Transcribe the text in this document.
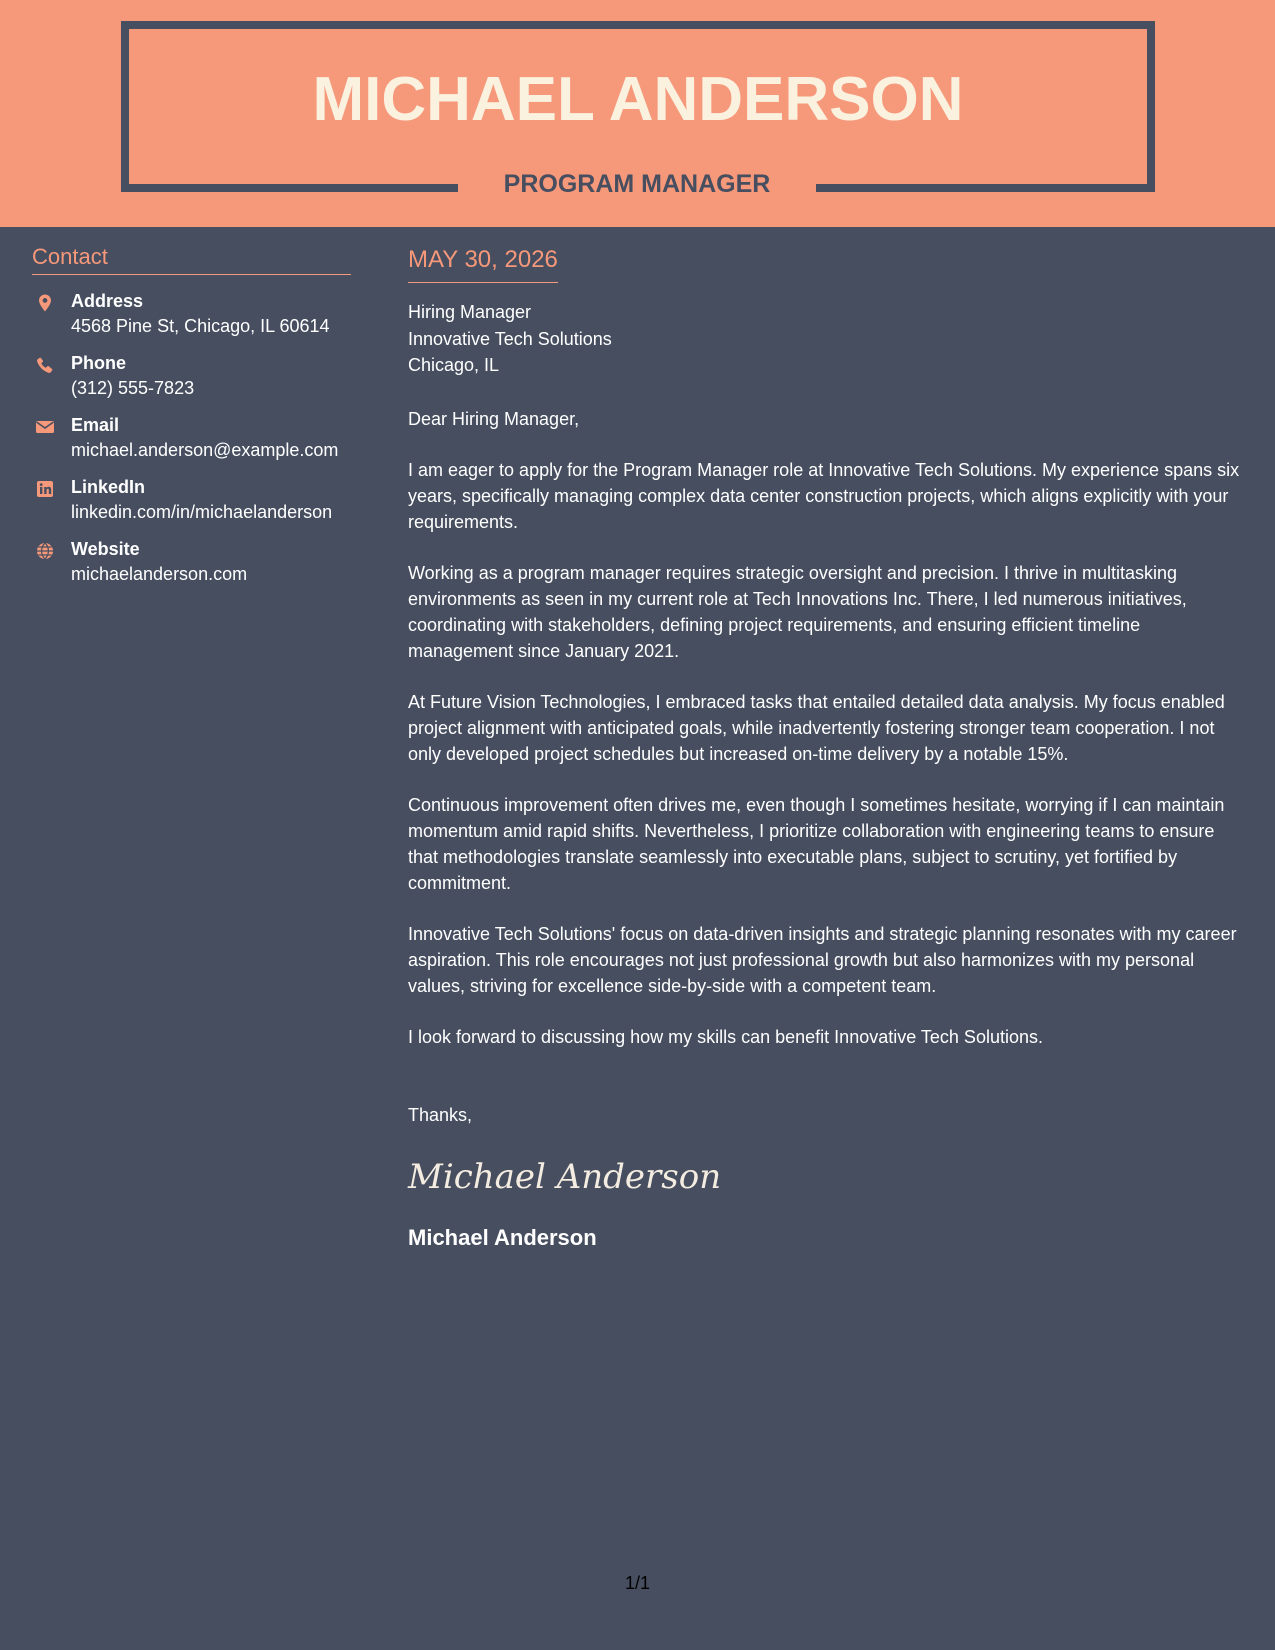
MICHAEL ANDERSON
PROGRAM MANAGER
Contact
Address
4568 Pine St, Chicago, IL 60614
Phone
(312) 555-7823
Email
michael.anderson@example.com
LinkedIn
linkedin.com/in/michaelanderson
Website
michaelanderson.com
MAY 30, 2026
Hiring Manager
Innovative Tech Solutions
Chicago, IL
Dear Hiring Manager,
I am eager to apply for the Program Manager role at Innovative Tech Solutions. My experience spans six years, specifically managing complex data center construction projects, which aligns explicitly with your requirements.
Working as a program manager requires strategic oversight and precision. I thrive in multitasking environments as seen in my current role at Tech Innovations Inc. There, I led numerous initiatives, coordinating with stakeholders, defining project requirements, and ensuring efficient timeline management since January 2021.
At Future Vision Technologies, I embraced tasks that entailed detailed data analysis. My focus enabled project alignment with anticipated goals, while inadvertently fostering stronger team cooperation. I not only developed project schedules but increased on-time delivery by a notable 15%.
Continuous improvement often drives me, even though I sometimes hesitate, worrying if I can maintain momentum amid rapid shifts. Nevertheless, I prioritize collaboration with engineering teams to ensure that methodologies translate seamlessly into executable plans, subject to scrutiny, yet fortified by commitment.
Innovative Tech Solutions' focus on data-driven insights and strategic planning resonates with my career aspiration. This role encourages not just professional growth but also harmonizes with my personal values, striving for excellence side-by-side with a competent team.
I look forward to discussing how my skills can benefit Innovative Tech Solutions.
Thanks,
Michael Anderson
Michael Anderson
1/1
